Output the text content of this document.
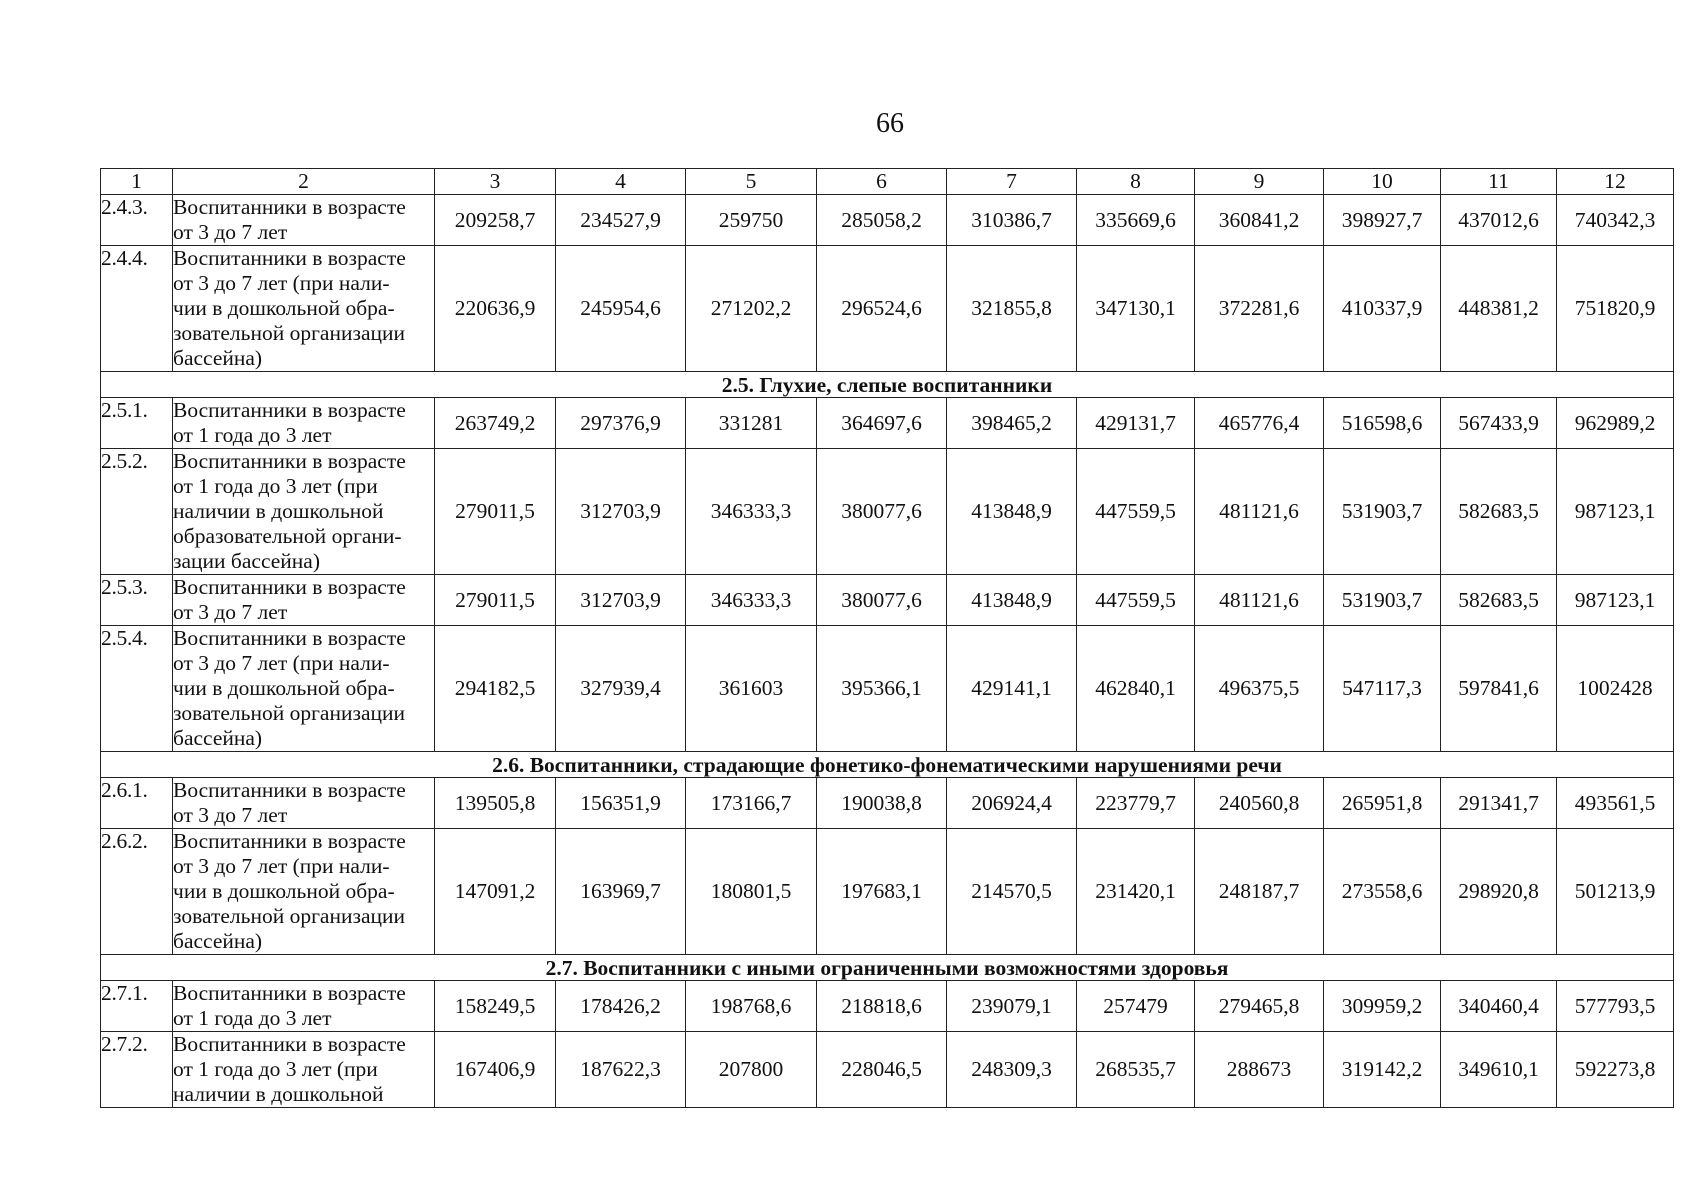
66
1	2	3	4	5	6	7	8	9	10	11	12
2.4.3.	Воспитанники в возрасте
от 3 до 7 лет	209258,7	234527,9	259750	285058,2	310386,7	335669,6	360841,2	398927,7	437012,6	740342,3
2.4.4.	Воспитанники в возрасте
от 3 до 7 лет (при нали-
чии в дошкольной обра-
зовательной организации
бассейна)	220636,9	245954,6	271202,2	296524,6	321855,8	347130,1	372281,6	410337,9	448381,2	751820,9
2.5. Глухие, слепые воспитанники											
2.5.1.	Воспитанники в возрасте
от 1 года до 3 лет	263749,2	297376,9	331281	364697,6	398465,2	429131,7	465776,4	516598,6	567433,9	962989,2
2.5.2.	Воспитанники в возрасте
от 1 года до 3 лет (при
наличии в дошкольной
образовательной органи-
зации бассейна)	279011,5	312703,9	346333,3	380077,6	413848,9	447559,5	481121,6	531903,7	582683,5	987123,1
2.5.3.	Воспитанники в возрасте
от 3 до 7 лет	279011,5	312703,9	346333,3	380077,6	413848,9	447559,5	481121,6	531903,7	582683,5	987123,1
2.5.4.	Воспитанники в возрасте
от 3 до 7 лет (при нали-
чии в дошкольной обра-
зовательной организации
бассейна)	294182,5	327939,4	361603	395366,1	429141,1	462840,1	496375,5	547117,3	597841,6	1002428
2.6. Воспитанники, страдающие фонетико-фонематическими нарушениями речи											
2.6.1.	Воспитанники в возрасте
от 3 до 7 лет	139505,8	156351,9	173166,7	190038,8	206924,4	223779,7	240560,8	265951,8	291341,7	493561,5
2.6.2.	Воспитанники в возрасте
от 3 до 7 лет (при нали-
чии в дошкольной обра-
зовательной организации
бассейна)	147091,2	163969,7	180801,5	197683,1	214570,5	231420,1	248187,7	273558,6	298920,8	501213,9
2.7. Воспитанники с иными ограниченными возможностями здоровья											
2.7.1.	Воспитанники в возрасте
от 1 года до 3 лет	158249,5	178426,2	198768,6	218818,6	239079,1	257479	279465,8	309959,2	340460,4	577793,5
2.7.2.	Воспитанники в возрасте
от 1 года до 3 лет (при
наличии в дошкольной	167406,9	187622,3	207800	228046,5	248309,3	268535,7	288673	319142,2	349610,1	592273,8
